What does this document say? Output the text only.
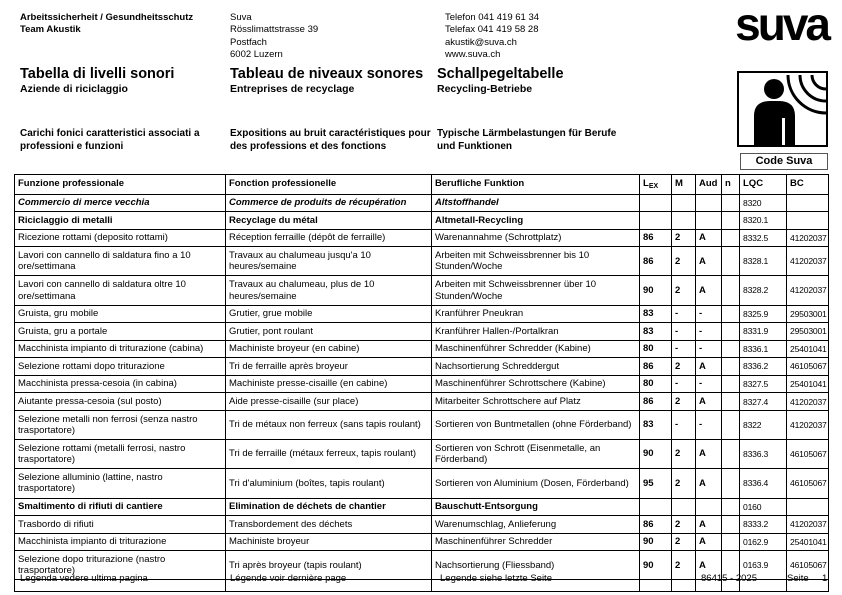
Arbeitssicherheit / Gesundheitsschutz
Team Akustik
Suva
Rösslimattstrasse 39
Postfach
6002 Luzern
Telefon 041 419 61 34
Telefax 041 419 58 28
akustik@suva.ch
www.suva.ch
suva
Tabella di livelli sonori
Aziende di riciclaggio
Tableau de niveaux sonores
Entreprises de recyclage
Schallpegeltabelle
Recycling-Betriebe
Carichi fonici caratteristici associati a professioni e funzioni
Expositions au bruit caractéristiques pour des professions et des fonctions
Typische Lärmbelastungen für Berufe und Funktionen
Code Suva
Funzione professionale	Fonction professionelle	Berufliche Funktion	$L_{EX}$	M	Aud	n	LQC	BC
Commercio di merce vecchia	Commerce de produits de récupération	Altstoffhandel					8320	
Riciclaggio di metalli	Recyclage du métal	Altmetall-Recycling					8320.1	
Ricezione rottami (deposito rottami)	Réception ferraille (dépôt de ferraille)	Warenannahme (Schrottplatz)	86	2	A		8332.5	41202037
Lavori con cannello di saldatura fino a 10 ore/settimana	Travaux au chalumeau jusqu'a 10 heures/semaine	Arbeiten mit Schweissbrenner bis 10 Stunden/Woche	86	2	A		8328.1	41202037
Lavori con cannello di saldatura oltre 10 ore/settimana	Travaux au chalumeau, plus de 10 heures/semaine	Arbeiten mit Schweissbrenner über 10 Stunden/Woche	90	2	A		8328.2	41202037
Gruista, gru mobile	Grutier, grue mobile	Kranführer Pneukran	83	-	-		8325.9	29503001
Gruista, gru a portale	Grutier, pont roulant	Kranführer Hallen-/Portalkran	83	-	-		8331.9	29503001
Macchinista impianto di triturazione (cabina)	Machiniste broyeur (en cabine)	Maschinenführer Schredder (Kabine)	80	-	-		8336.1	25401041
Selezione rottami dopo triturazione	Tri de ferraille après broyeur	Nachsortierung Schreddergut	86	2	A		8336.2	46105067
Macchinista pressa-cesoia (in cabina)	Machiniste presse-cisaille (en cabine)	Maschinenführer Schrottschere (Kabine)	80	-	-		8327.5	25401041
Aiutante pressa-cesoia (sul posto)	Aide presse-cisaille (sur place)	Mitarbeiter Schrottschere auf Platz	86	2	A		8327.4	41202037
Selezione metalli non ferrosi (senza nastro trasportatore)	Tri de métaux non ferreux (sans tapis roulant)	Sortieren von Buntmetallen (ohne Förderband)	83	-	-		8322	41202037
Selezione rottami (metalli ferrosi, nastro trasportatore)	Tri de ferraille (métaux ferreux, tapis roulant)	Sortieren von Schrott (Eisenmetalle, an Förderband)	90	2	A		8336.3	46105067
Selezione alluminio (lattine, nastro trasportatore)	Tri d'aluminium (boîtes, tapis roulant)	Sortieren von Aluminium (Dosen, Förderband)	95	2	A		8336.4	46105067
Smaltimento di rifiuti di cantiere	Elimination de déchets de chantier	Bauschutt-Entsorgung					0160	
Trasbordo di rifiuti	Transbordement des déchets	Warenumschlag, Anlieferung	86	2	A		8333.2	41202037
Macchinista impianto di triturazione	Machiniste broyeur	Maschinenführer Schredder	90	2	A		0162.9	25401041
Selezione dopo triturazione (nastro trasportatore)	Tri après broyeur (tapis roulant)	Nachsortierung (Fliessband)	90	2	A		0163.9	46105067

Legenda vedere ultima pagina	Légende voir dernière page	Legende siehe letzte Seite	86415 - 2025	Seite 1
